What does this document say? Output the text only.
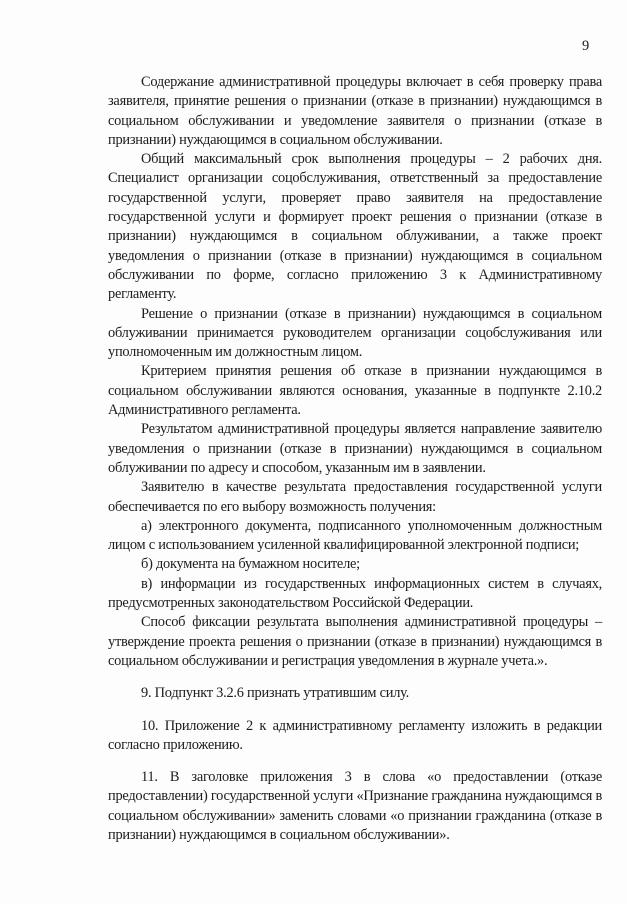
9

Содержание административной процедуры включает в себя проверку права заявителя, принятие решения о признании (отказе в признании) нуждающимся в социальном обслуживании и уведомление заявителя о признании (отказе в признании) нуждающимся в социальном обслуживании.

Общий максимальный срок выполнения процедуры – 2 рабочих дня. Специалист организации соцобслуживания, ответственный за предоставление государственной услуги, проверяет право заявителя на предоставление государственной услуги и формирует проект решения о признании (отказе в признании) нуждающимся в социальном облуживании, а также проект уведомления о признании (отказе в признании) нуждающимся в социальном обслуживании по форме, согласно приложению 3 к Административному регламенту.

Решение о признании (отказе в признании) нуждающимся в социальном облуживании принимается руководителем организации соцобслуживания или уполномоченным им должностным лицом.

Критерием принятия решения об отказе в признании нуждающимся в социальном обслуживании являются основания, указанные в подпункте 2.10.2 Административного регламента.

Результатом административной процедуры является направление заявителю уведомления о признании (отказе в признании) нуждающимся в социальном облуживании по адресу и способом, указанным им в заявлении.

Заявителю в качестве результата предоставления государственной услуги обеспечивается по его выбору возможность получения:

а) электронного документа, подписанного уполномоченным должностным лицом с использованием усиленной квалифицированной электронной подписи;

б) документа на бумажном носителе;

в) информации из государственных информационных систем в случаях, предусмотренных законодательством Российской Федерации.

Способ фиксации результата выполнения административной процедуры – утверждение проекта решения о признании (отказе в признании) нуждающимся в социальном обслуживании и регистрация уведомления в журнале учета.».

9. Подпункт 3.2.6 признать утратившим силу.

10. Приложение 2 к административному регламенту изложить в редакции согласно приложению.

11. В заголовке приложения 3 в слова «о предоставлении (отказе предоставлении) государственной услуги «Признание гражданина нуждающимся в социальном обслуживании» заменить словами «о признании гражданина (отказе в признании) нуждающимся в социальном обслуживании».
